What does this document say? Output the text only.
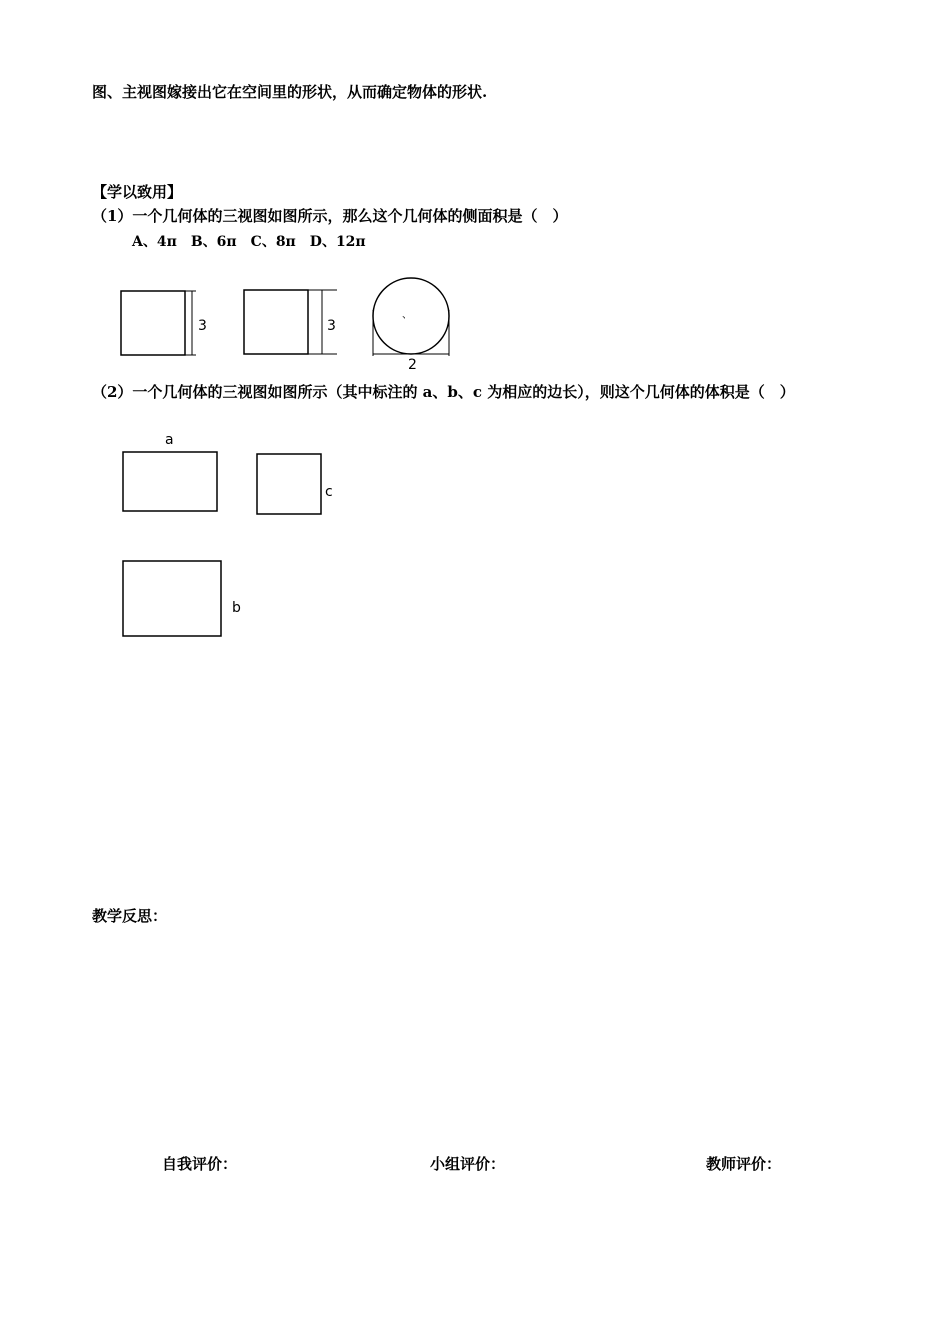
图、主视图嫁接出它在空间里的形状，从而确定物体的形状.
【学以致用】
（1）一个几何体的三视图如图所示，那么这个几何体的侧面积是（　）
A、4π　B、6π　C、8π　D、12π
3	3
、
2
（2）一个几何体的三视图如图所示（其中标注的 a、b、c 为相应的边长），则这个几何体的体积是（　）
a
c
b
教学反思：
自我评价：	小组评价：	教师评价：
